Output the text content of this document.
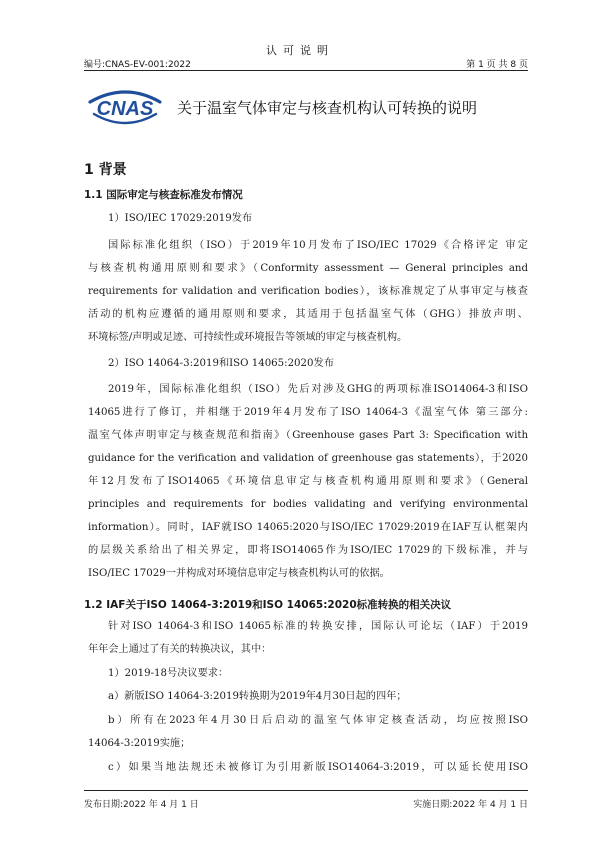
认可说明
编号:CNAS-EV-001:2022	第 1 页 共 8 页
CNAS 关于温室气体审定与核查机构认可转换的说明
1 背景
1.1 国际审定与核查标准发布情况
1）ISO/IEC 17029:2019发布
国际标准化组织（ISO）于2019年10月发布了ISO/IEC 17029《合格评定 审定
与核查机构通用原则和要求》（Conformity assessment — General principles and
requirements for validation and verification bodies），该标准规定了从事审定与核查
活动的机构应遵循的通用原则和要求，其适用于包括温室气体（GHG）排放声明、
环境标签/声明或足迹、可持续性或环境报告等领域的审定与核查机构。
2）ISO 14064-3:2019和ISO 14065:2020发布
2019年，国际标准化组织（ISO）先后对涉及GHG的两项标准ISO14064-3和ISO
14065进行了修订，并相继于2019年4月发布了ISO 14064-3《温室气体 第三部分:
温室气体声明审定与核查规范和指南》（Greenhouse gases Part 3: Specification with
guidance for the verification and validation of greenhouse gas statements），于2020
年12月发布了ISO14065《环境信息审定与核查机构通用原则和要求》（General
principles and requirements for bodies validating and verifying environmental
information）。同时，IAF就ISO 14065:2020与ISO/IEC 17029:2019在IAF互认框架内
的层级关系给出了相关界定，即将ISO14065作为ISO/IEC 17029的下级标准，并与
ISO/IEC 17029一并构成对环境信息审定与核查机构认可的依据。
1.2 IAF关于ISO 14064-3:2019和ISO 14065:2020标准转换的相关决议
针对ISO 14064-3和ISO 14065标准的转换安排，国际认可论坛（IAF）于2019
年年会上通过了有关的转换决议，其中：
1）2019-18号决议要求：
a）新版ISO 14064-3:2019转换期为2019年4月30日起的四年；
b）所有在2023年4月30日后启动的温室气体审定核查活动，均应按照ISO
14064-3:2019实施；
c）如果当地法规还未被修订为引用新版ISO14064-3:2019，可以延长使用ISO
发布日期:2022 年 4 月 1 日	实施日期:2022 年 4 月 1 日
